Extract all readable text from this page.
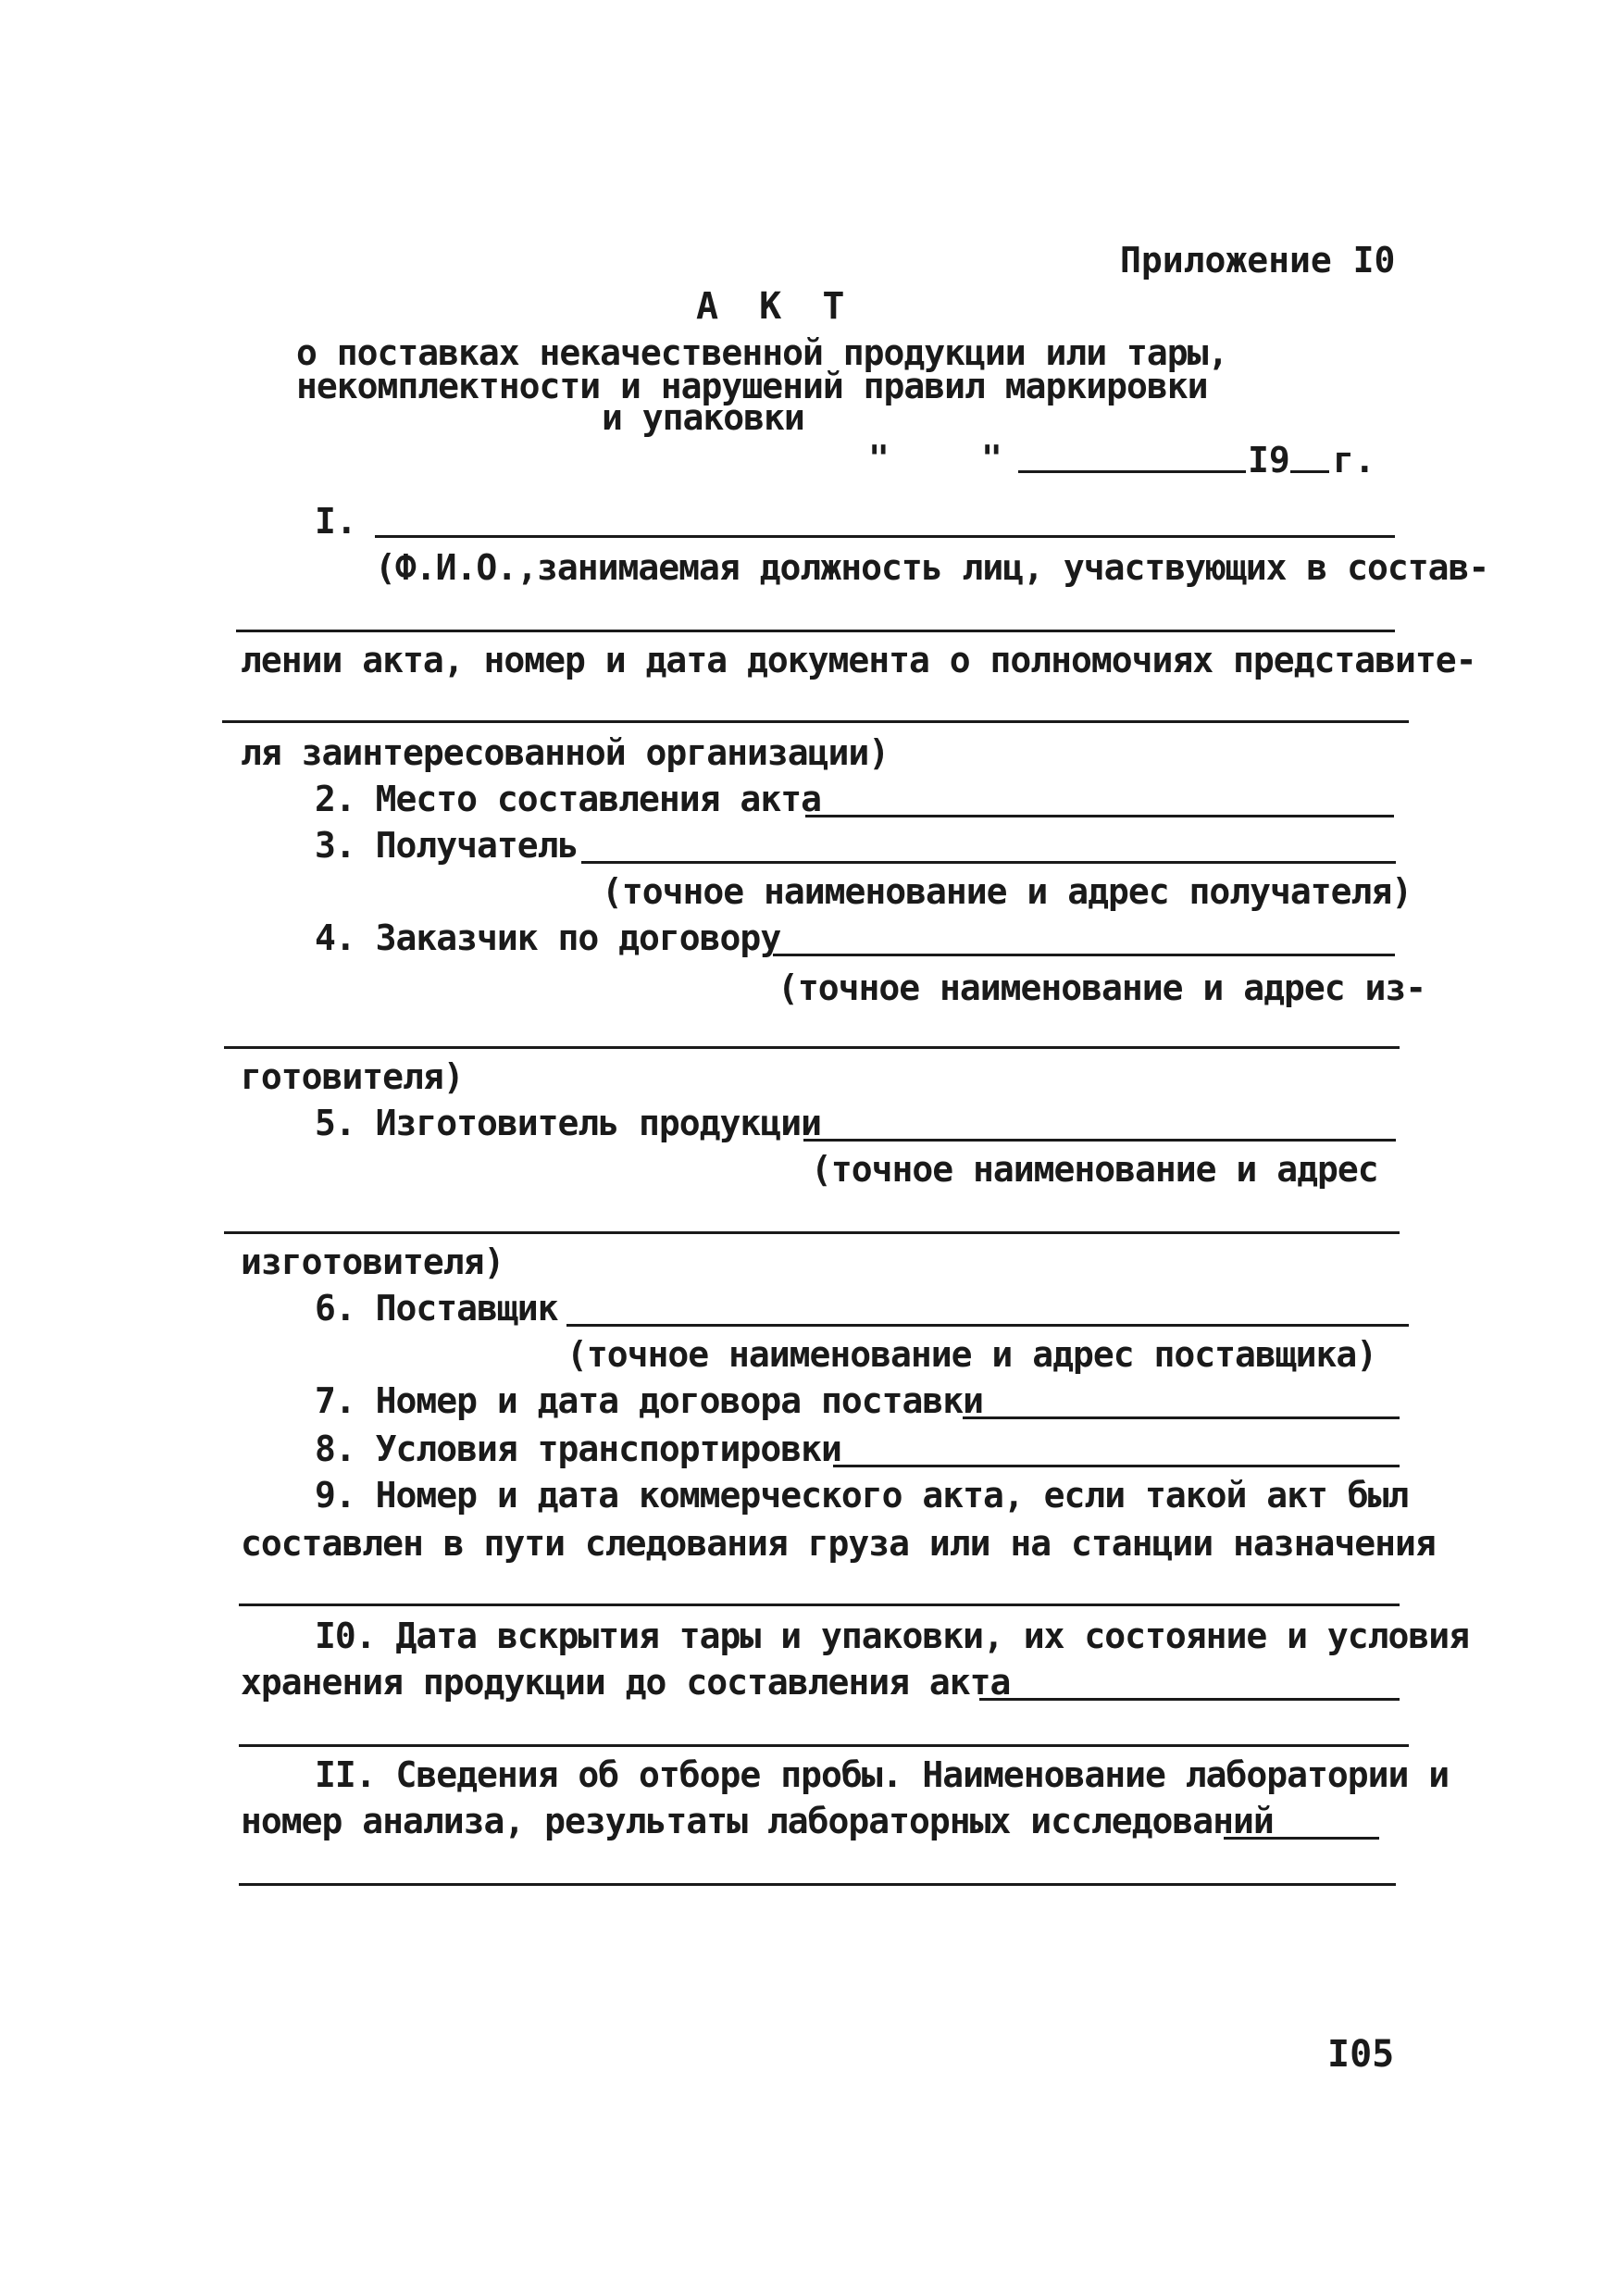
Приложение I0
А К Т
о поставках некачественной продукции или тары,
некомплектности и нарушений правил маркировки
и упаковки
"	"	I9 г.
I.
(Ф.И.О.,занимаемая должность лиц, участвующих в состав-
лении акта, номер и дата документа о полномочиях представите-
ля заинтересованной организации)
2. Место составления акта
3. Получатель
(точное наименование и адрес получателя)
4. Заказчик по договору
(точное наименование и адрес из-
готовителя)
5. Изготовитель продукции
(точное наименование и адрес
изготовителя)
6. Поставщик
(точное наименование и адрес поставщика)
7. Номер и дата договора поставки
8. Условия транспортировки
9. Номер и дата коммерческого акта, если такой акт был
составлен в пути следования груза или на станции назначения
I0. Дата вскрытия тары и упаковки, их состояние и условия
хранения продукции до составления акта
II. Сведения об отборе пробы. Наименование лаборатории и
номер анализа, результаты лабораторных исследований
I05
